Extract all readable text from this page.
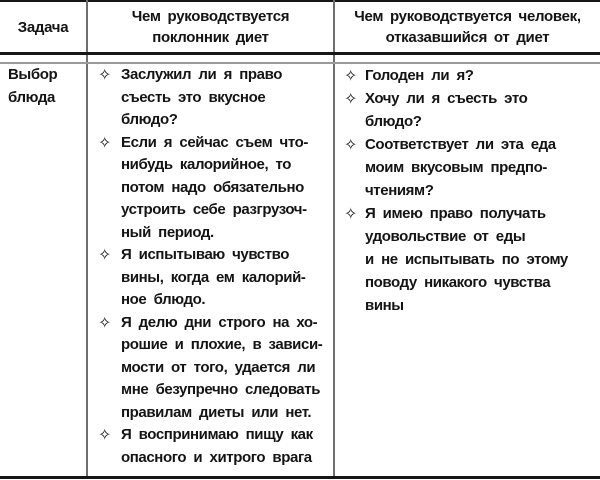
Задача
Чем руководствуется
поклонник диет
Чем руководствуется человек,
отказавшийся от диет
Выбор
блюда
✧ Заслужил ли я право
съесть это вкусное
блюдо?
✧ Если я сейчас съем что-
нибудь калорийное, то
потом надо обязательно
устроить себе разгрузоч-
ный период.
✧ Я испытываю чувство
вины, когда ем калорий-
ное блюдо.
✧ Я делю дни строго на хо-
рошие и плохие, в зависи-
мости от того, удается ли
мне безупречно следовать
правилам диеты или нет.
✧ Я воспринимаю пищу как
опасного и хитрого врага
✧ Голоден ли я?
✧ Хочу ли я съесть это
блюдо?
✧ Соответствует ли эта еда
моим вкусовым предпо-
чтениям?
✧ Я имею право получать
удовольствие от еды
и не испытывать по этому
поводу никакого чувства
вины
